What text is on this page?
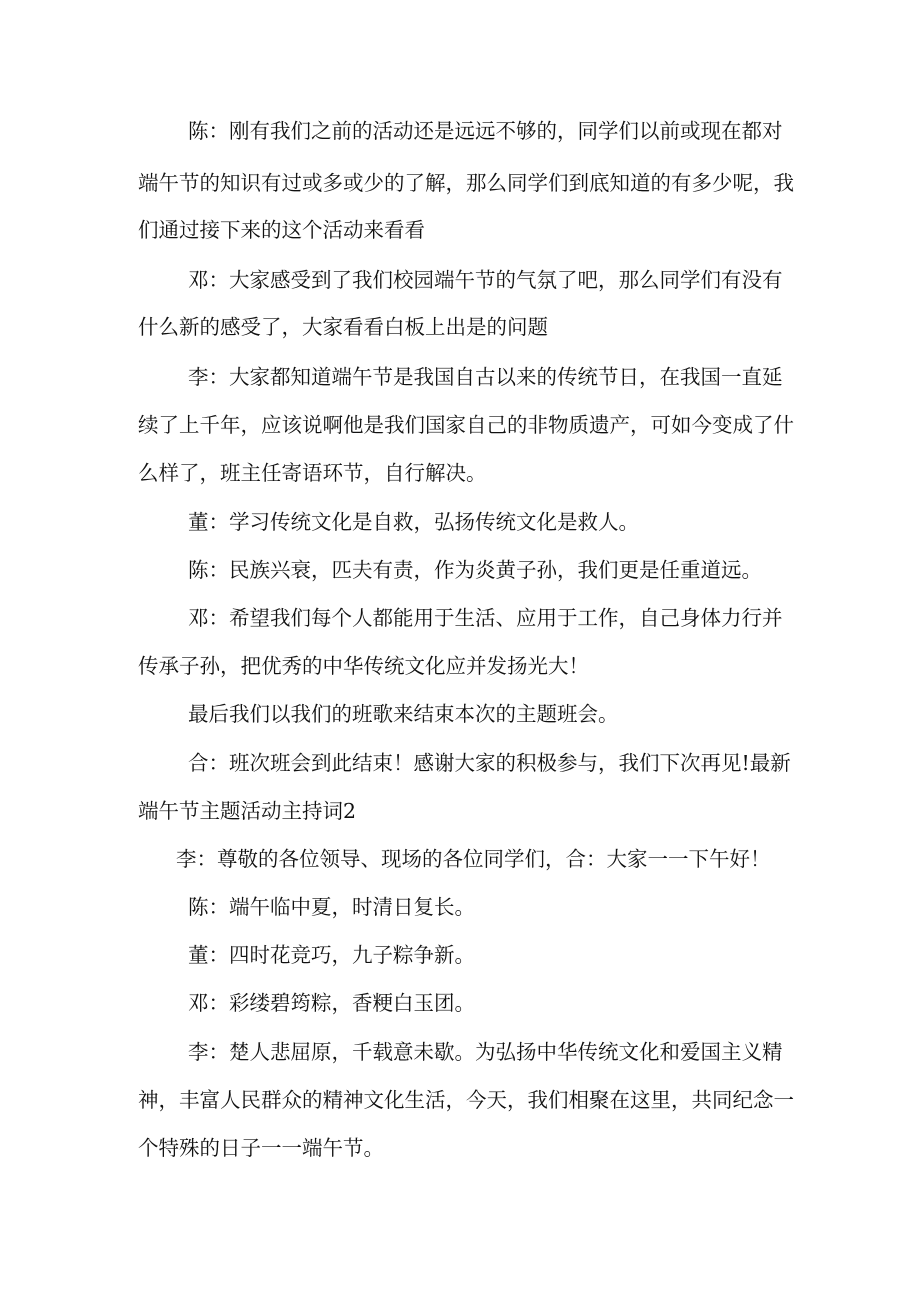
陈：刚有我们之前的活动还是远远不够的，同学们以前或现在都对
端午节的知识有过或多或少的了解，那么同学们到底知道的有多少呢，我
们通过接下来的这个活动来看看
邓：大家感受到了我们校园端午节的气氛了吧，那么同学们有没有
什么新的感受了，大家看看白板上出是的问题
李：大家都知道端午节是我国自古以来的传统节日，在我国一直延
续了上千年，应该说啊他是我们国家自己的非物质遗产，可如今变成了什
么样了，班主任寄语环节，自行解决。
董：学习传统文化是自救，弘扬传统文化是救人。
陈：民族兴衰，匹夫有责，作为炎黄子孙，我们更是任重道远。
邓：希望我们每个人都能用于生活、应用于工作，自己身体力行并
传承子孙，把优秀的中华传统文化应并发扬光大！
最后我们以我们的班歌来结束本次的主题班会。
合：班次班会到此结束！感谢大家的积极参与，我们下次再见!最新
端午节主题活动主持词2
李：尊敬的各位领导、现场的各位同学们，合：大家一一下午好！
陈：端午临中夏，时清日复长。
董：四时花竞巧，九子粽争新。
邓：彩缕碧筠粽，香粳白玉团。
李：楚人悲屈原，千载意未歇。为弘扬中华传统文化和爱国主义精
神，丰富人民群众的精神文化生活，今天，我们相聚在这里，共同纪念一
个特殊的日子一一端午节。
